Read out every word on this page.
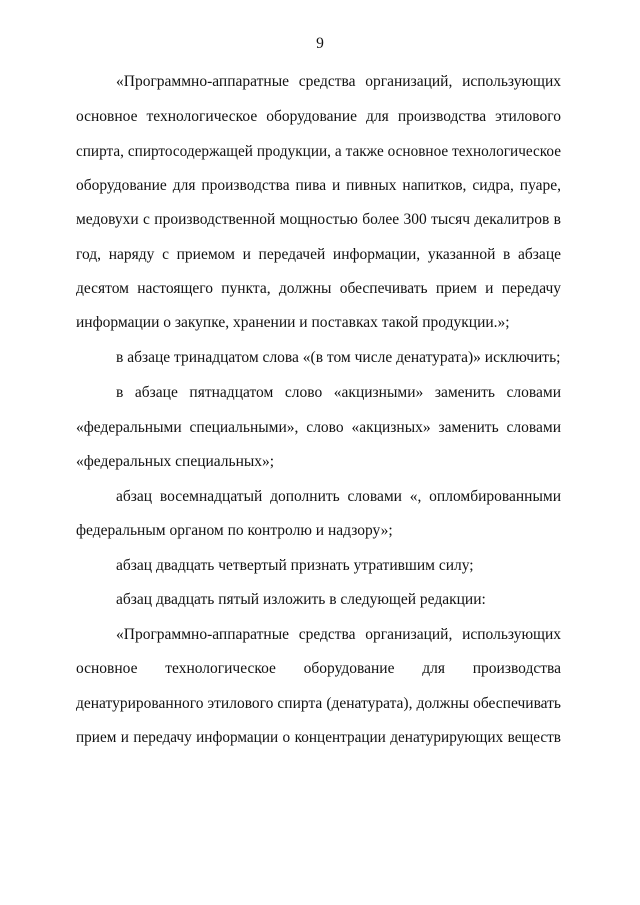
9
«Программно-аппаратные средства организаций, использующих
основное технологическое оборудование для производства этилового
спирта, спиртосодержащей продукции, а также основное технологическое
оборудование для производства пива и пивных напитков, сидра, пуаре,
медовухи с производственной мощностью более 300 тысяч декалитров в
год, наряду с приемом и передачей информации, указанной в абзаце
десятом настоящего пункта, должны обеспечивать прием и передачу
информации о закупке, хранении и поставках такой продукции.»;
в абзаце тринадцатом слова «(в том числе денатурата)» исключить;
в абзаце пятнадцатом слово «акцизными» заменить словами
«федеральными специальными», слово «акцизных» заменить словами
«федеральных специальных»;
абзац восемнадцатый дополнить словами «, опломбированными
федеральным органом по контролю и надзору»;
абзац двадцать четвертый признать утратившим силу;
абзац двадцать пятый изложить в следующей редакции:
«Программно-аппаратные средства организаций, использующих
основное технологическое оборудование для производства
денатурированного этилового спирта (денатурата), должны обеспечивать
прием и передачу информации о концентрации денатурирующих веществ
